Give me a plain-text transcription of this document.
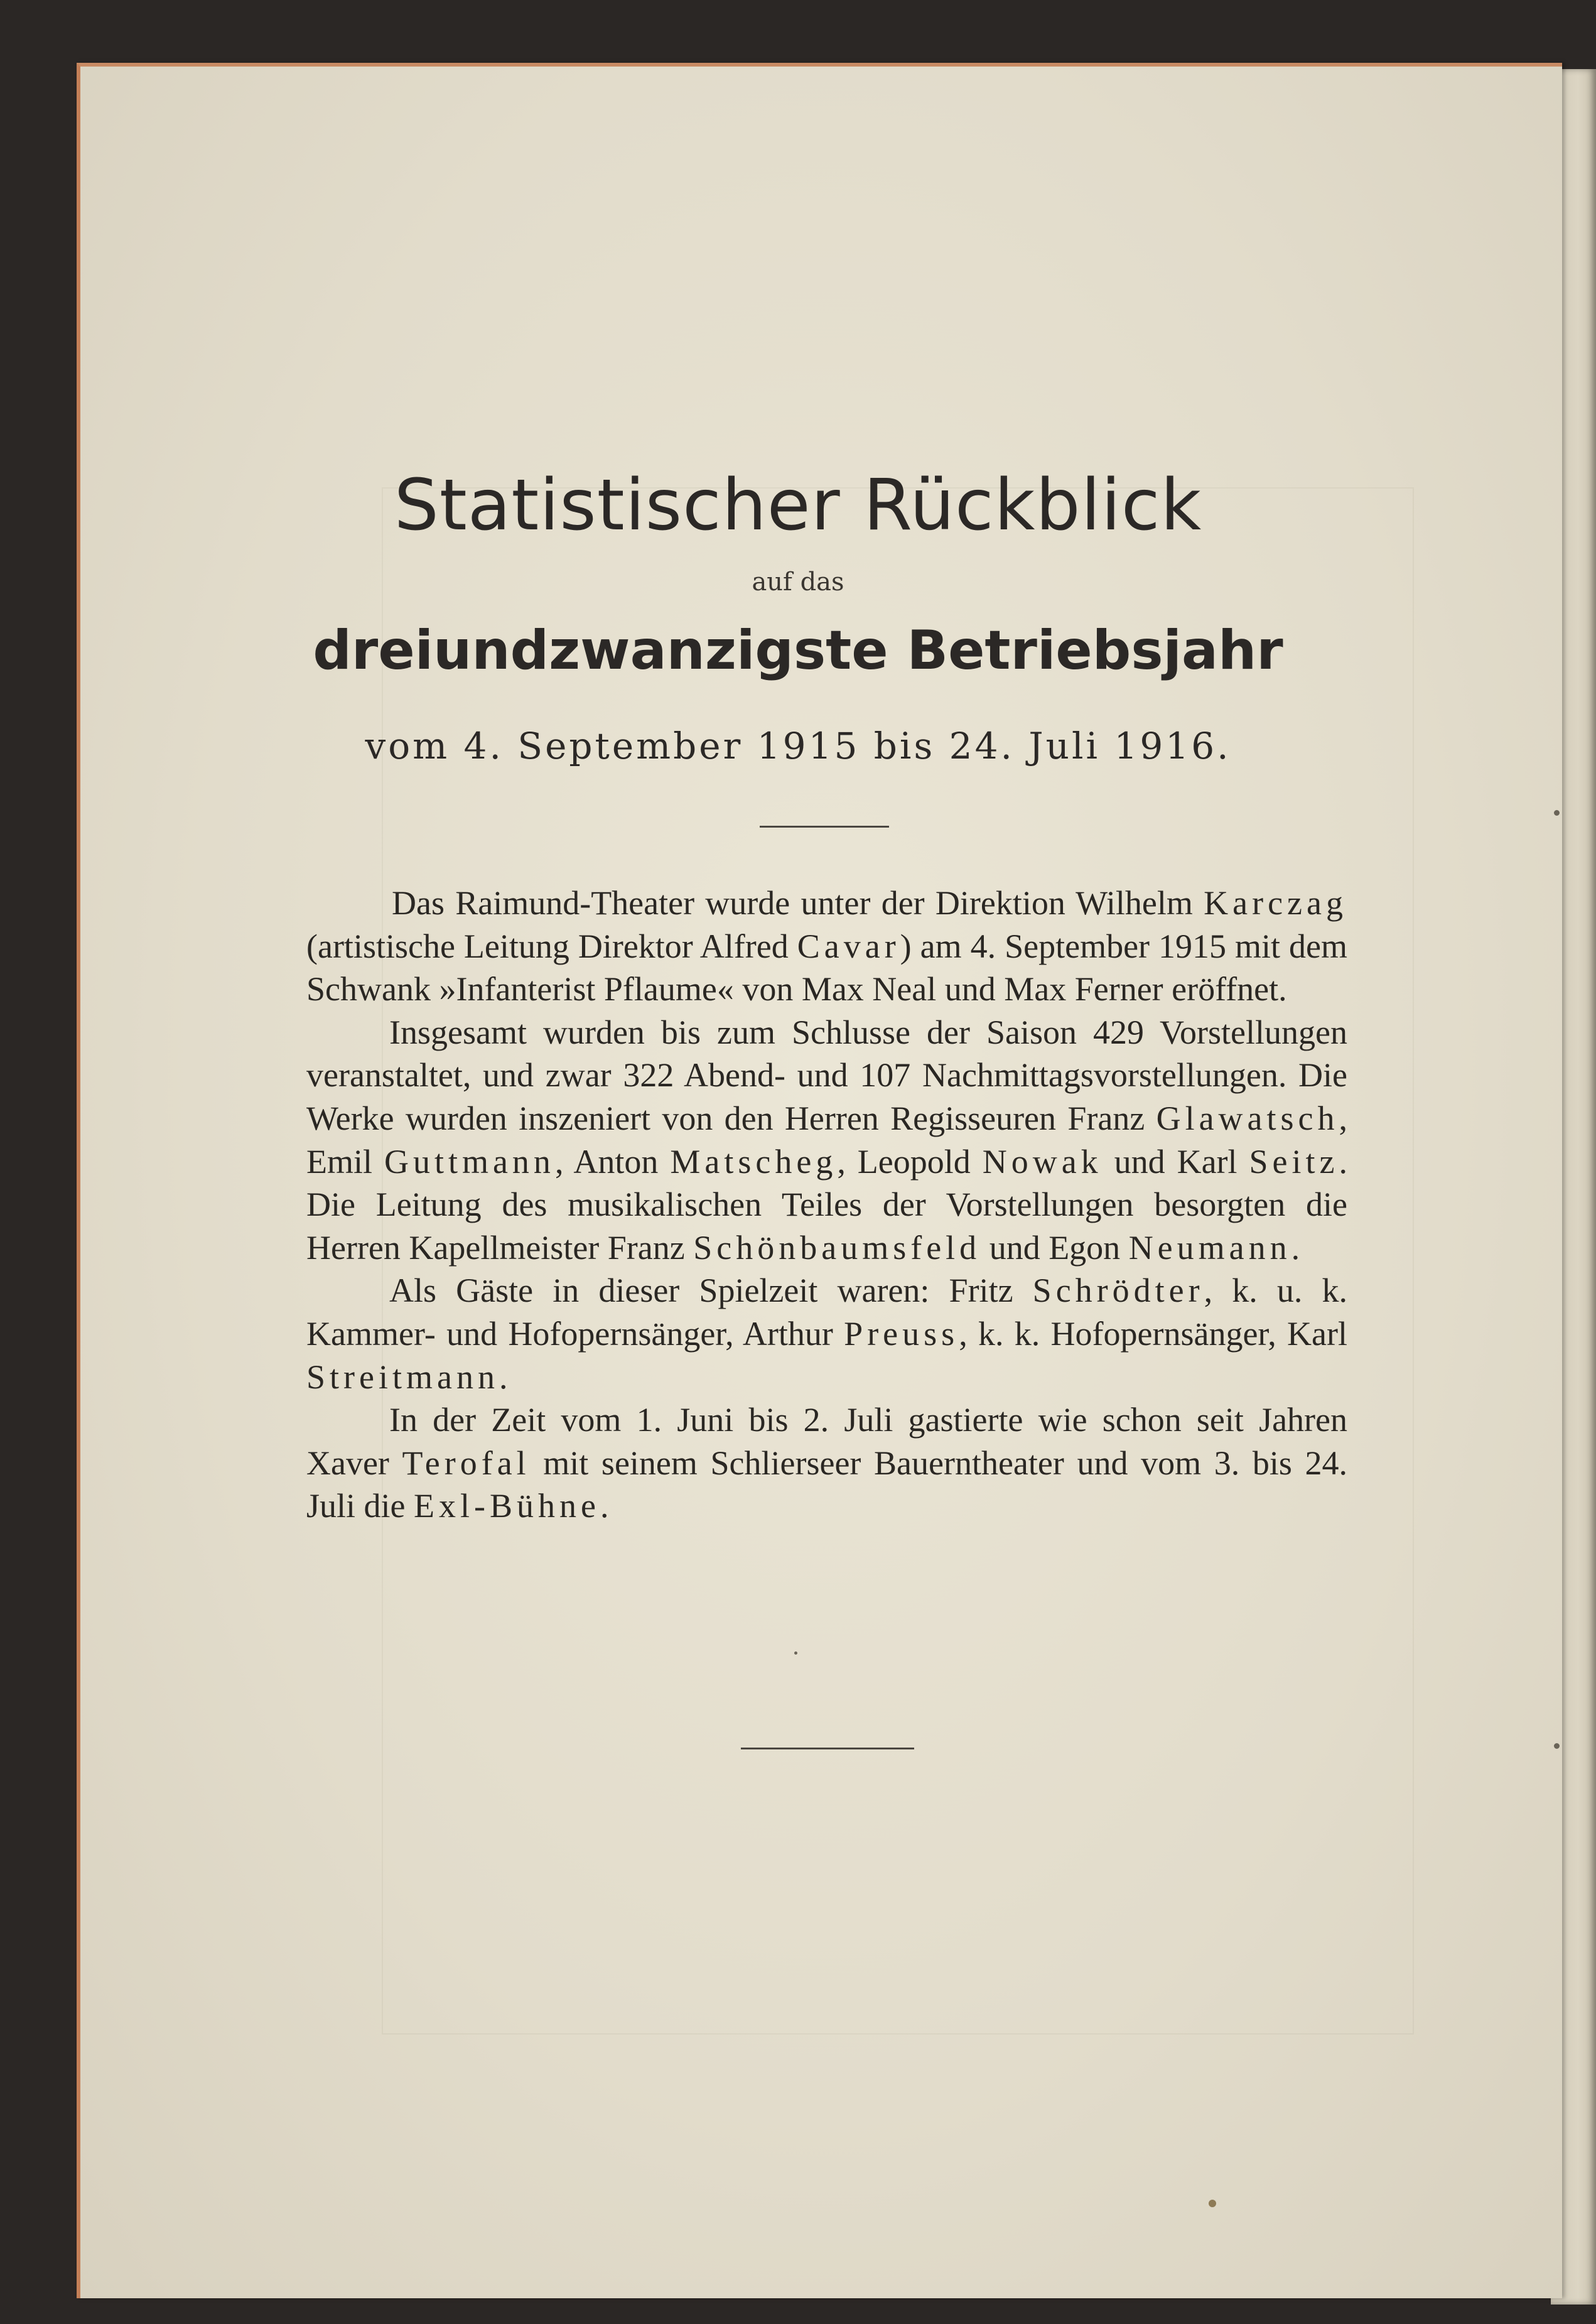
Statistischer Rückblick

auf das

dreiundzwanzigste Betriebsjahr

vom 4. September 1915 bis 24. Juli 1916.

Das Raimund-Theater wurde unter der Direktion Wilhelm Karczag (artistische Leitung Direktor Alfred Cavar) am 4. September 1915 mit dem Schwank »Infanterist Pflaume« von Max Neal und Max Ferner eröffnet.

Insgesamt wurden bis zum Schlusse der Saison 429 Vorstellungen veranstaltet, und zwar 322 Abend- und 107 Nachmittagsvorstellungen. Die Werke wurden inszeniert von den Herren Regisseuren Franz Glawatsch, Emil Guttmann, Anton Matscheg, Leopold Nowak und Karl Seitz. Die Leitung des musikalischen Teiles der Vorstellungen besorgten die Herren Kapellmeister Franz Schönbaumsfeld und Egon Neumann.

Als Gäste in dieser Spielzeit waren: Fritz Schrödter, k. u. k. Kammer- und Hofopernsänger, Arthur Preuss, k. k. Hofopernsänger, Karl Streitmann.

In der Zeit vom 1. Juni bis 2. Juli gastierte wie schon seit Jahren Xaver Terofal mit seinem Schlierseer Bauerntheater und vom 3. bis 24. Juli die Exl-Bühne.
